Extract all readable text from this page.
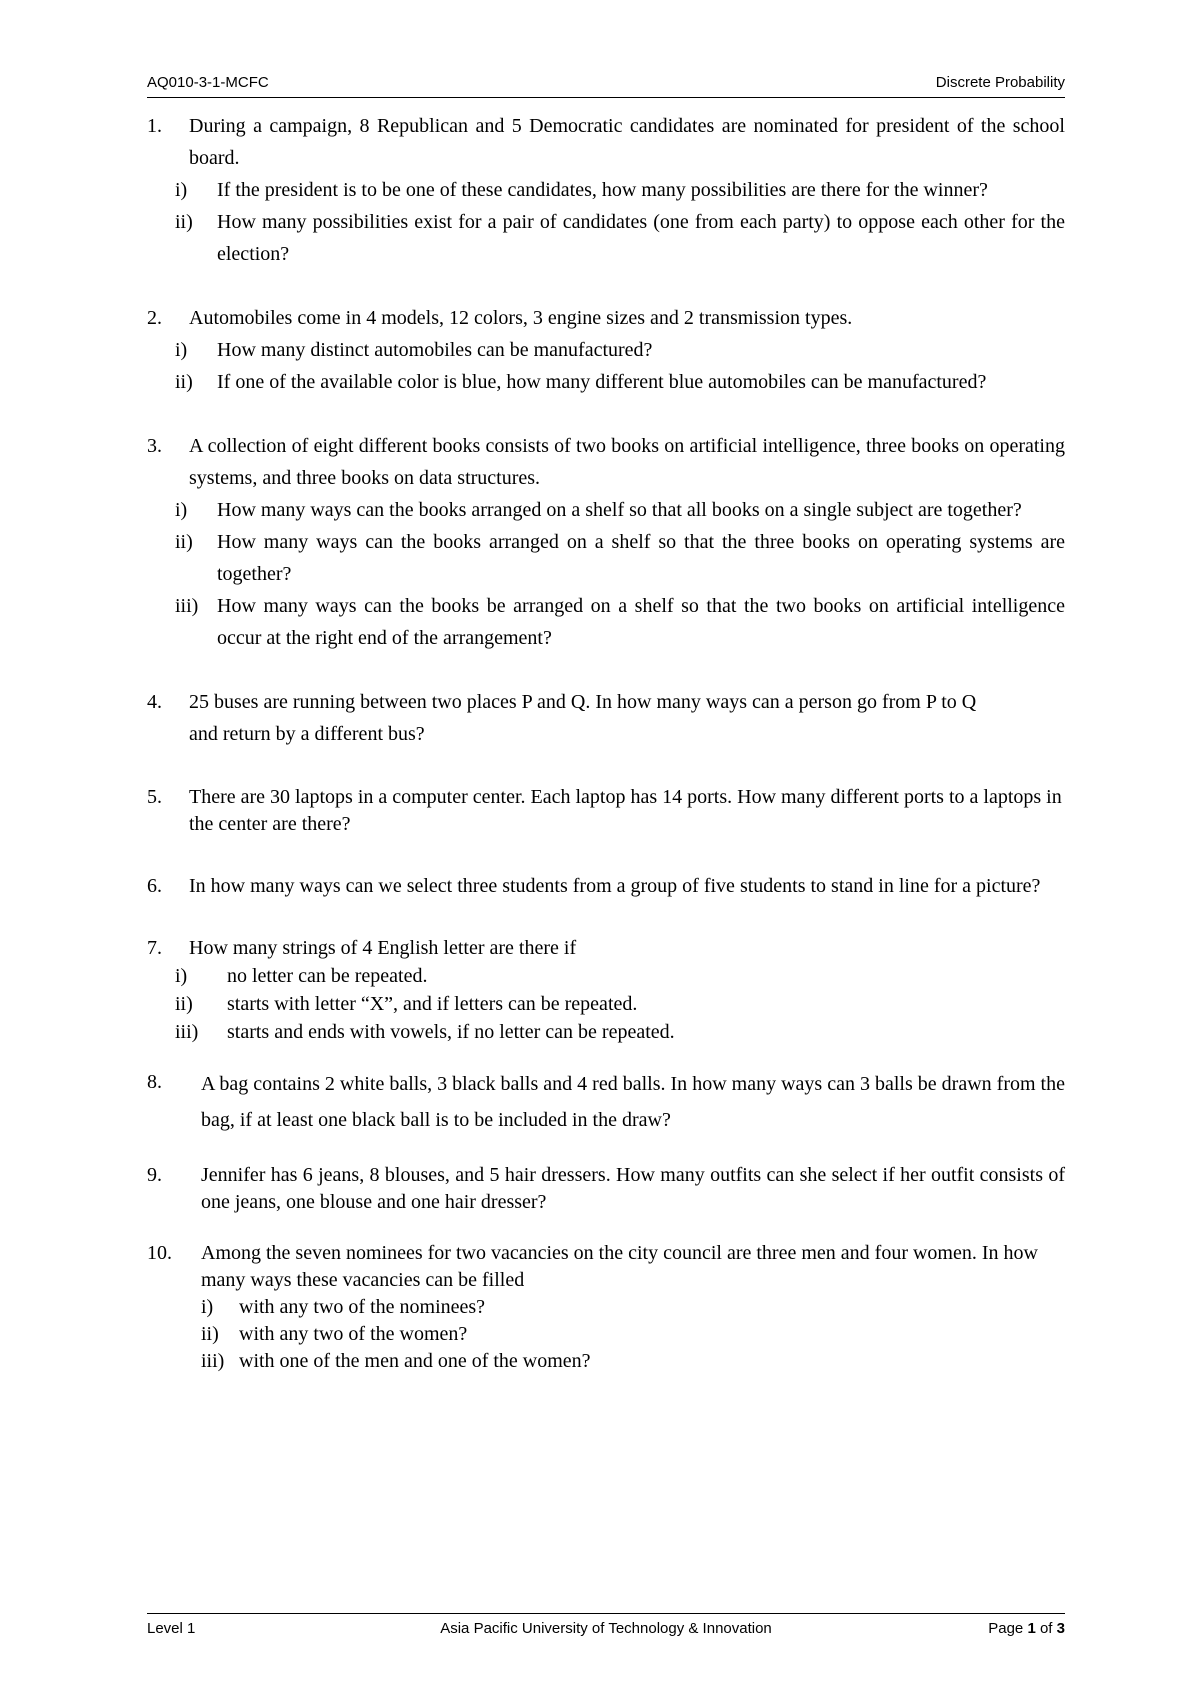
AQ010-3-1-MCFC	Discrete Probability
1. During a campaign, 8 Republican and 5 Democratic candidates are nominated for president of the school board.
i) If the president is to be one of these candidates, how many possibilities are there for the winner?
ii) How many possibilities exist for a pair of candidates (one from each party) to oppose each other for the election?
2. Automobiles come in 4 models, 12 colors, 3 engine sizes and 2 transmission types.
i) How many distinct automobiles can be manufactured?
ii) If one of the available color is blue, how many different blue automobiles can be manufactured?
3. A collection of eight different books consists of two books on artificial intelligence, three books on operating systems, and three books on data structures.
i) How many ways can the books arranged on a shelf so that all books on a single subject are together?
ii) How many ways can the books arranged on a shelf so that the three books on operating systems are together?
iii) How many ways can the books be arranged on a shelf so that the two books on artificial intelligence occur at the right end of the arrangement?
4. 25 buses are running between two places P and Q. In how many ways can a person go from P to Q and return by a different bus?
5. There are 30 laptops in a computer center. Each laptop has 14 ports. How many different ports to a laptops in the center are there?
6. In how many ways can we select three students from a group of five students to stand in line for a picture?
7. How many strings of 4 English letter are there if
i) no letter can be repeated.
ii) starts with letter “X”, and if letters can be repeated.
iii) starts and ends with vowels, if no letter can be repeated.
8. A bag contains 2 white balls, 3 black balls and 4 red balls. In how many ways can 3 balls be drawn from the bag, if at least one black ball is to be included in the draw?
9. Jennifer has 6 jeans, 8 blouses, and 5 hair dressers. How many outfits can she select if her outfit consists of one jeans, one blouse and one hair dresser?
10. Among the seven nominees for two vacancies on the city council are three men and four women. In how many ways these vacancies can be filled
i) with any two of the nominees?
ii) with any two of the women?
iii) with one of the men and one of the women?
Level 1	Asia Pacific University of Technology & Innovation	Page 1 of 3
